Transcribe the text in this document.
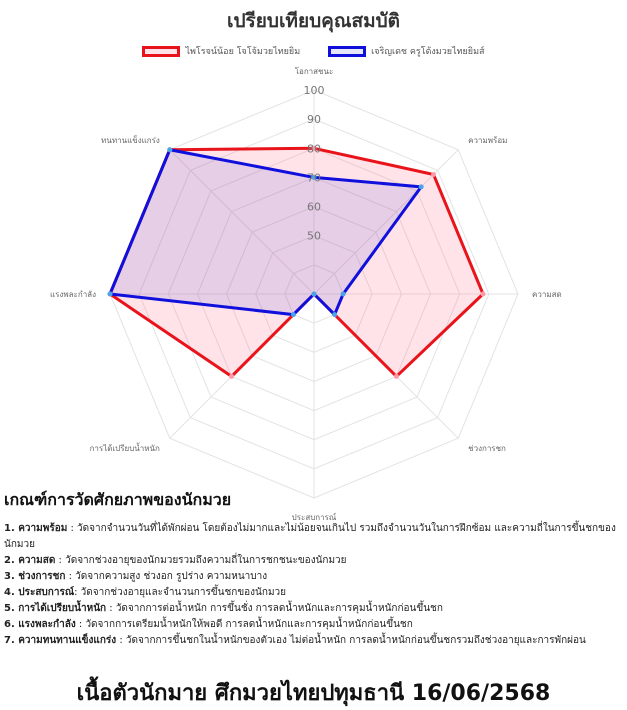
เปรียบเทียบคุณสมบัติ
ไพโรจน์น้อย โจโจ้มวยไทยยิม	เจริญเดช ครูโด้งมวยไทยยิมส์
50
60
70
80
90
100
โอกาสชนะ
ความพร้อม
ความสด
ช่วงการชก
ประสบการณ์
การได้เปรียบน้ำหนัก
แรงพละกำลัง
ทนทานแข็งแกร่ง
เกณฑ์การวัดศักยภาพของนักมวย
1. ความพร้อม : วัดจากจำนวนวันที่ได้พักผ่อน โดยต้องไม่มากและไม่น้อยจนเกินไป รวมถึงจำนวนวันในการฝึกซ้อม และความถี่ในการขึ้นชกของนักมวย
2. ความสด : วัดจากช่วงอายุของนักมวยรวมถึงความถี่ในการชกชนะของนักมวย
3. ช่วงการชก : วัดจากความสูง ช่วงอก รูปร่าง ความหนาบาง
4. ประสบการณ์: วัดจากช่วงอายุและจำนวนการขึ้นชกของนักมวย
5. การได้เปรียบน้ำหนัก : วัดจากการต่อน้ำหนัก การขึ้นชั่ง การลดน้ำหนักและการคุมน้ำหนักก่อนขึ้นชก
6. แรงพละกำลัง : วัดจากการเตรียมน้ำหนักให้พอดี การลดน้ำหนักและการคุมน้ำหนักก่อนขึ้นชก
7. ความทนทานแข็งแกร่ง : วัดจากการขึ้นชกในน้ำหนักของตัวเอง ไม่ต่อน้ำหนัก การลดน้ำหนักก่อนขึ้นชกรวมถึงช่วงอายุและการพักผ่อน
เนื้อตัวนักมาย ศึกมวยไทยปทุมธานี 16/06/2568
